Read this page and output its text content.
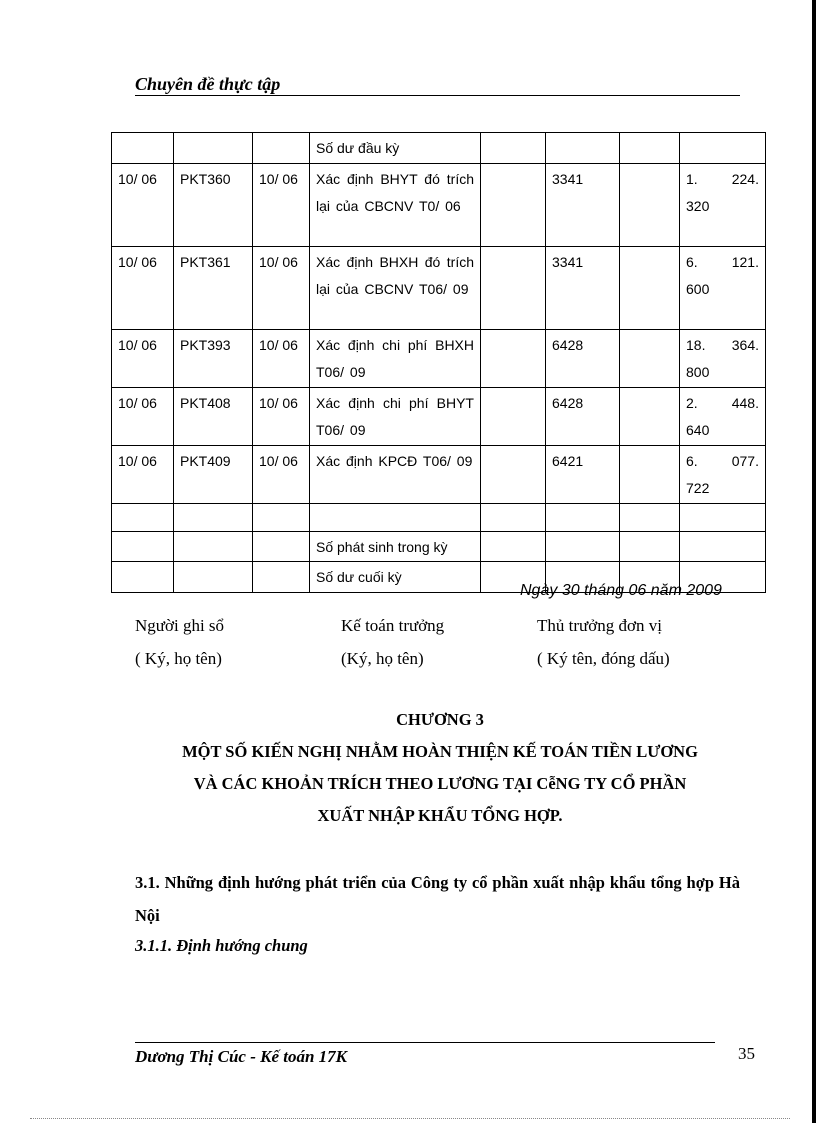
Chuyên đề thực tập
			Số dư đầu kỳ				
10/ 06	PKT360	10/ 06	Xác định BHYT đó trích lại của CBCNV T0/ 06		3341		1. 224. 320
10/ 06	PKT361	10/ 06	Xác định BHXH đó trích lại của CBCNV T06/ 09		3341		6. 121. 600
10/ 06	PKT393	10/ 06	Xác định chi phí BHXH T06/ 09		6428		18. 364. 800
10/ 06	PKT408	10/ 06	Xác định chi phí BHYT T06/ 09		6428		2. 448. 640
10/ 06	PKT409	10/ 06	Xác định KPCĐ T06/ 09		6421		6. 077. 722

			Số phát sinh trong kỳ				
			Số dư cuối kỳ				
Ngày 30 tháng 06 năm 2009
Người ghi sổ	Kế toán trưởng	Thủ trưởng đơn vị
( Ký, họ tên)	(Ký, họ tên)	( Ký tên, đóng dấu)
CHƯƠNG 3
MỘT SỐ KIẾN NGHỊ NHẰM HOÀN THIỆN KẾ TOÁN TIỀN LƯƠNG
VÀ CÁC KHOẢN TRÍCH THEO LƯƠNG TẠI CễNG TY CỔ PHẦN
XUẤT NHẬP KHẨU TỔNG HỢP.
3.1. Những định hướng phát triển của Công ty cổ phần xuất nhập khẩu tổng hợp Hà Nội
3.1.1. Định hướng chung
Dương Thị Cúc - Kế toán 17K	35
